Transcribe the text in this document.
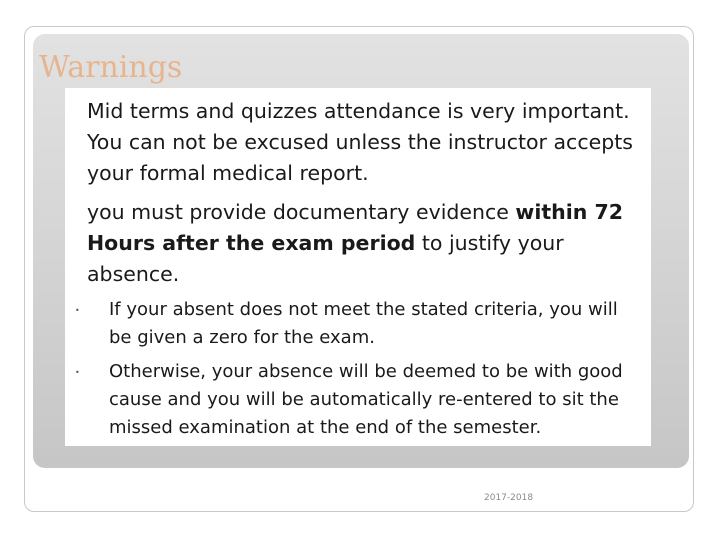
Warnings

Mid terms and quizzes attendance is very important. You can not be excused unless the instructor accepts your formal medical report.

you must provide documentary evidence within 72 Hours after the exam period to justify your absence.

• If your absent does not meet the stated criteria, you will be given a zero for the exam.

• Otherwise, your absence will be deemed to be with good cause and you will be automatically re-entered to sit the missed examination at the end of the semester.

2017-2018
